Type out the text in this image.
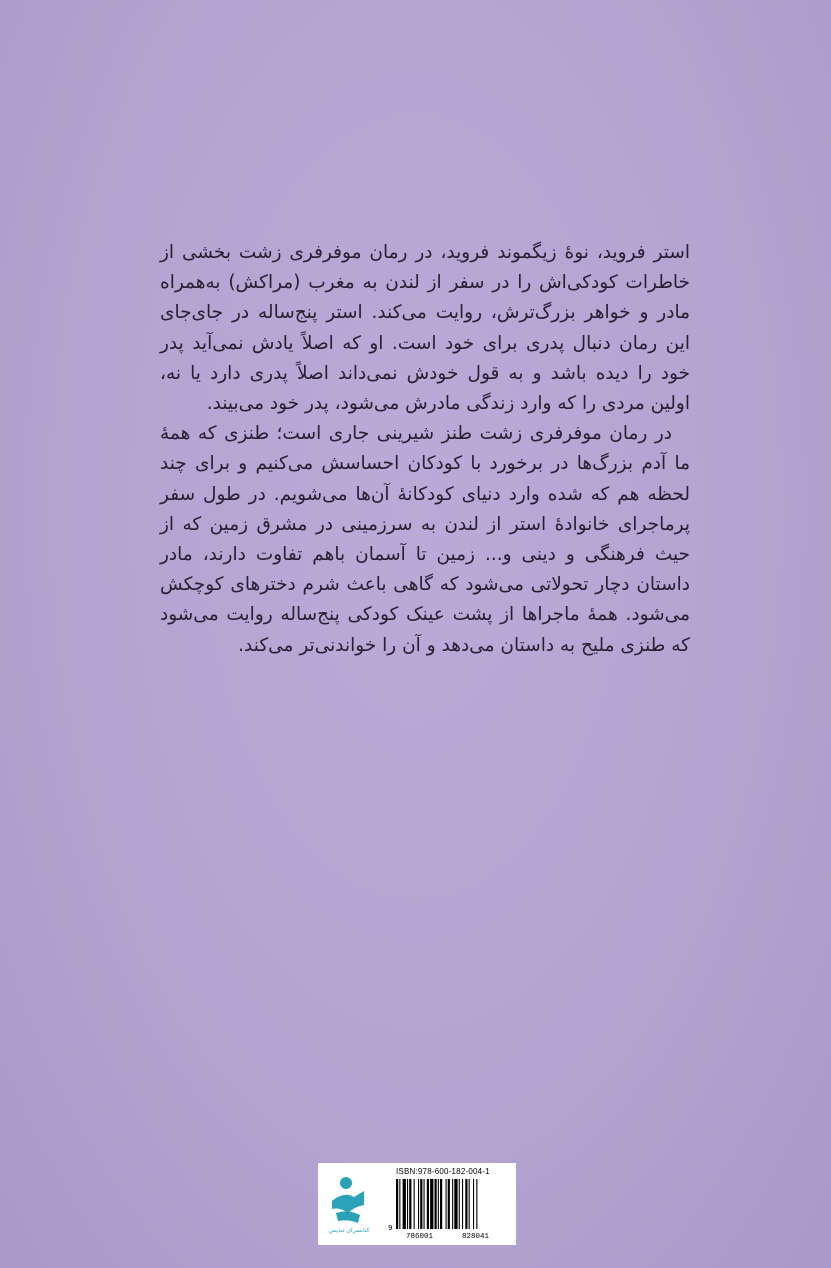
استر فروید، نوهٔ زیگموند فروید، در رمان موفرفری زشت بخشی از خاطرات کودکی‌اش را در سفر از لندن به مغرب (مراکش) به‌همراه مادر و خواهر بزرگ‌ترش، روایت می‌کند. استر پنج‌ساله در جای‌جای این رمان دنبال پدری برای خود است. او که اصلاً یادش نمی‌آید پدر خود را دیده باشد و به قول خودش نمی‌داند اصلاً پدری دارد یا نه، اولین مردی را که وارد زندگی مادرش می‌شود، پدر خود می‌بیند.

در رمان موفرفری زشت طنز شیرینی جاری است؛ طنزی که همهٔ ما آدم بزرگ‌ها در برخورد با کودکان احساسش می‌کنیم و برای چند لحظه هم که شده وارد دنیای کودکانهٔ آن‌ها می‌شویم. در طول سفر پرماجرای خانوادهٔ استر از لندن به سرزمینی در مشرق زمین که از حیث فرهنگی و دینی و... زمین تا آسمان باهم تفاوت دارند، مادر داستان دچار تحولاتی می‌شود که گاهی باعث شرم دخترهای کوچکش می‌شود. همهٔ ماجراها از پشت عینک کودکی پنج‌ساله روایت می‌شود که طنزی ملیح به داستان می‌دهد و آن را خواندنی‌تر می‌کند.

کتابسرای تندیس
ISBN:978-600-182-004-1
9
786001	828041
